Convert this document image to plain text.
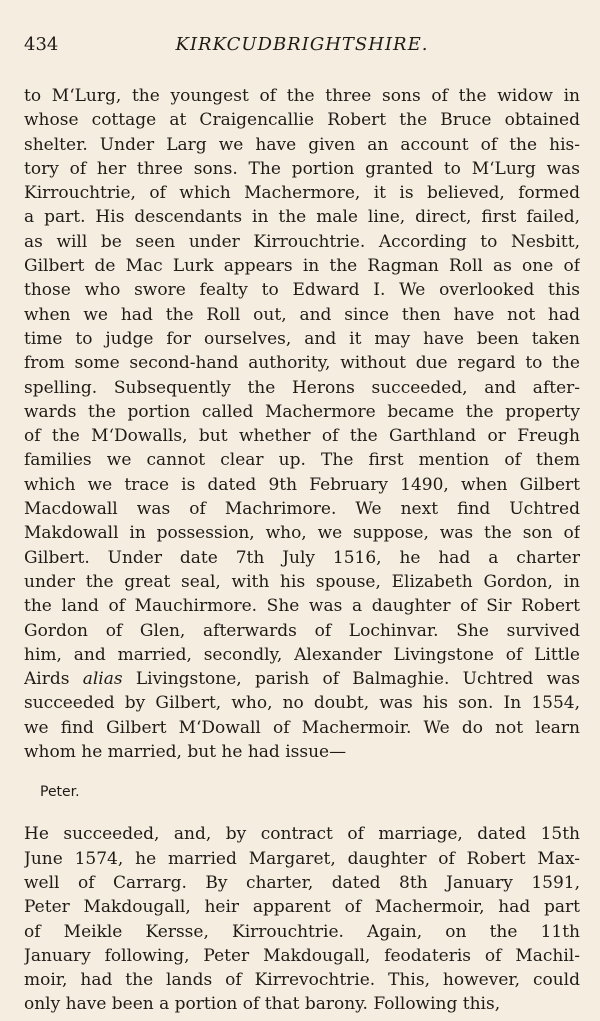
434	KIRKCUDBRIGHTSHIRE.
to M‘Lurg, the youngest of the three sons of the widow in
whose cottage at Craigencallie Robert the Bruce obtained
shelter. Under Larg we have given an account of the his-
tory of her three sons. The portion granted to M‘Lurg was
Kirrouchtrie, of which Machermore, it is believed, formed
a part. His descendants in the male line, direct, first failed,
as will be seen under Kirrouchtrie. According to Nesbitt,
Gilbert de Mac Lurk appears in the Ragman Roll as one of
those who swore fealty to Edward I. We overlooked this
when we had the Roll out, and since then have not had
time to judge for ourselves, and it may have been taken
from some second-hand authority, without due regard to the
spelling. Subsequently the Herons succeeded, and after-
wards the portion called Machermore became the property
of the M‘Dowalls, but whether of the Garthland or Freugh
families we cannot clear up. The first mention of them
which we trace is dated 9th February 1490, when Gilbert
Macdowall was of Machrimore. We next find Uchtred
Makdowall in possession, who, we suppose, was the son of
Gilbert. Under date 7th July 1516, he had a charter
under the great seal, with his spouse, Elizabeth Gordon, in
the land of Mauchirmore. She was a daughter of Sir Robert
Gordon of Glen, afterwards of Lochinvar. She survived
him, and married, secondly, Alexander Livingstone of Little
Airds alias Livingstone, parish of Balmaghie. Uchtred was
succeeded by Gilbert, who, no doubt, was his son. In 1554,
we find Gilbert M‘Dowall of Machermoir. We do not learn
whom he married, but he had issue—
Peter.
He succeeded, and, by contract of marriage, dated 15th
June 1574, he married Margaret, daughter of Robert Max-
well of Carrarg. By charter, dated 8th January 1591,
Peter Makdougall, heir apparent of Machermoir, had part
of Meikle Kersse, Kirrouchtrie. Again, on the 11th
January following, Peter Makdougall, feodateris of Machil-
moir, had the lands of Kirrevochtrie. This, however, could
only have been a portion of that barony. Following this,
